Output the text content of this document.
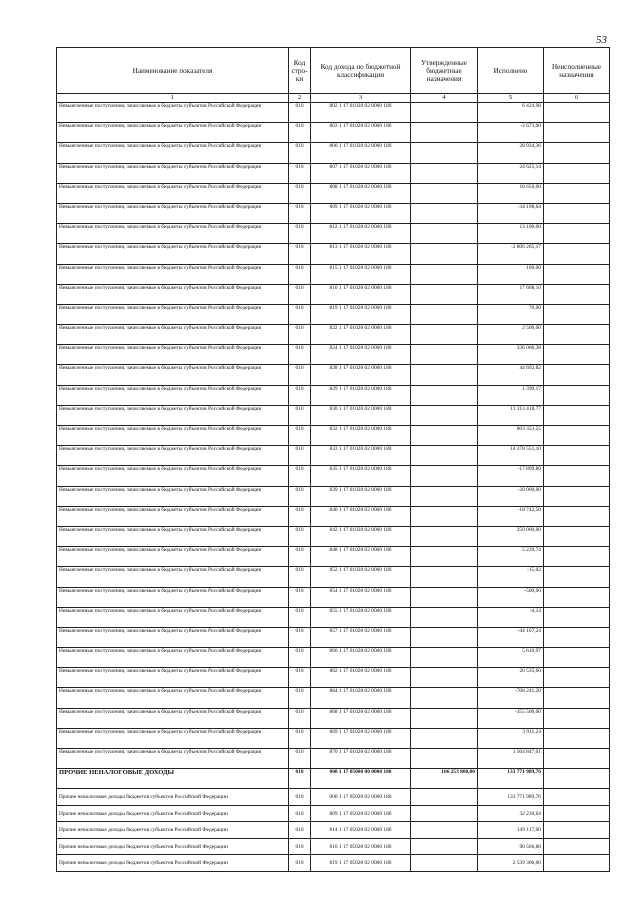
53
Наименование показателя	Код стро-ки	Код дохода по бюджетной классификации	Утвержденные бюджетные назначения	Исполнено	Неисполненные назначения
1	2	3	4	5	6
Невыясненные поступления, зачисляемые в бюджеты субъектов Российской Федерации	010	802 1 17 01020 02 0000 180		6 424,98	
Невыясненные поступления, зачисляемые в бюджеты субъектов Российской Федерации	010	803 1 17 01020 02 0000 180		-2 673,00	
Невыясненные поступления, зачисляемые в бюджеты субъектов Российской Федерации	010	806 1 17 01020 02 0000 180		28 934,36	
Невыясненные поступления, зачисляемые в бюджеты субъектов Российской Федерации	010	807 1 17 01020 02 0000 180		24 625,14	
Невыясненные поступления, зачисляемые в бюджеты субъектов Российской Федерации	010	808 1 17 01020 02 0000 180		18 650,00	
Невыясненные поступления, зачисляемые в бюджеты субъектов Российской Федерации	010	809 1 17 01020 02 0000 180		-34 198,64	
Невыясненные поступления, зачисляемые в бюджеты субъектов Российской Федерации	010	812 1 17 01020 02 0000 180		13 100,00	
Невыясненные поступления, зачисляемые в бюджеты субъектов Российской Федерации	010	813 1 17 01020 02 0000 180		-2 806 265,17	
Невыясненные поступления, зачисляемые в бюджеты субъектов Российской Федерации	010	815 1 17 01020 02 0000 180		100,00	
Невыясненные поступления, зачисляемые в бюджеты субъектов Российской Федерации	010	816 1 17 01020 02 0000 180		17 608,10	
Невыясненные поступления, зачисляемые в бюджеты субъектов Российской Федерации	010	819 1 17 01020 02 0000 180		70,00	
Невыясненные поступления, зачисляемые в бюджеты субъектов Российской Федерации	010	822 1 17 01020 02 0000 180		2 500,00	
Невыясненные поступления, зачисляемые в бюджеты субъектов Российской Федерации	010	824 1 17 01020 02 0000 180		336 068,38	
Невыясненные поступления, зачисляемые в бюджеты субъектов Российской Федерации	010	828 1 17 01020 02 0000 180		44 692,82	
Невыясненные поступления, зачисляемые в бюджеты субъектов Российской Федерации	010	829 1 17 01020 02 0000 180		1 399,17	
Невыясненные поступления, зачисляемые в бюджеты субъектов Российской Федерации	010	830 1 17 01020 02 0000 180		11 313 418,77	
Невыясненные поступления, зачисляемые в бюджеты субъектов Российской Федерации	010	832 1 17 01020 02 0000 180		803 353,55	
Невыясненные поступления, зачисляемые в бюджеты субъектов Российской Федерации	010	833 1 17 01020 02 0000 180		14 378 551,10	
Невыясненные поступления, зачисляемые в бюджеты субъектов Российской Федерации	010	835 1 17 01020 02 0000 180		-17 899,80	
Невыясненные поступления, зачисляемые в бюджеты субъектов Российской Федерации	010	839 1 17 01020 02 0000 180		-20 000,00	
Невыясненные поступления, зачисляемые в бюджеты субъектов Российской Федерации	010	840 1 17 01020 02 0000 180		-18 742,50	
Невыясненные поступления, зачисляемые в бюджеты субъектов Российской Федерации	010	842 1 17 01020 02 0000 180		250 000,00	
Невыясненные поступления, зачисляемые в бюджеты субъектов Российской Федерации	010	848 1 17 01020 02 0000 180		5 239,74	
Невыясненные поступления, зачисляемые в бюджеты субъектов Российской Федерации	010	852 1 17 01020 02 0000 180		-15,02	
Невыясненные поступления, зачисляемые в бюджеты субъектов Российской Федерации	010	854 1 17 01020 02 0000 180		-500,00	
Невыясненные поступления, зачисляемые в бюджеты субъектов Российской Федерации	010	855 1 17 01020 02 0000 180		-4,14	
Невыясненные поступления, зачисляемые в бюджеты субъектов Российской Федерации	010	857 1 17 01020 02 0000 180		-44 167,24	
Невыясненные поступления, зачисляемые в бюджеты субъектов Российской Федерации	010	860 1 17 01020 02 0000 180		5 610,97	
Невыясненные поступления, зачисляемые в бюджеты субъектов Российской Федерации	010	862 1 17 01020 02 0000 180		20 535,60	
Невыясненные поступления, зачисляемые в бюджеты субъектов Российской Федерации	010	864 1 17 01020 02 0000 180		-708 241,20	
Невыясненные поступления, зачисляемые в бюджеты субъектов Российской Федерации	010	868 1 17 01020 02 0000 180		-355 500,00	
Невыясненные поступления, зачисляемые в бюджеты субъектов Российской Федерации	010	869 1 17 01020 02 0000 180		3 911,24	
Невыясненные поступления, зачисляемые в бюджеты субъектов Российской Федерации	010	870 1 17 01020 02 0000 180		1 504 847,01	
ПРОЧИЕ НЕНАЛОГОВЫЕ ДОХОДЫ	010	000 1 17 05000 00 0000 180	106 253 800,00	133 771 989,76	
Прочие неналоговые доходы бюджетов субъектов Российской Федерации	010	000 1 17 05020 02 0000 180		133 771 989,76	
Прочие неналоговые доходы бюджетов субъектов Российской Федерации	010	809 1 17 05020 02 0000 180		32 230,64	
Прочие неналоговые доходы бюджетов субъектов Российской Федерации	010	814 1 17 05020 02 0000 180		149 117,00	
Прочие неналоговые доходы бюджетов субъектов Российской Федерации	010	816 1 17 05020 02 0000 180		90 566,88	
Прочие неналоговые доходы бюджетов субъектов Российской Федерации	010	819 1 17 05020 02 0000 180		2 539 306,00	
